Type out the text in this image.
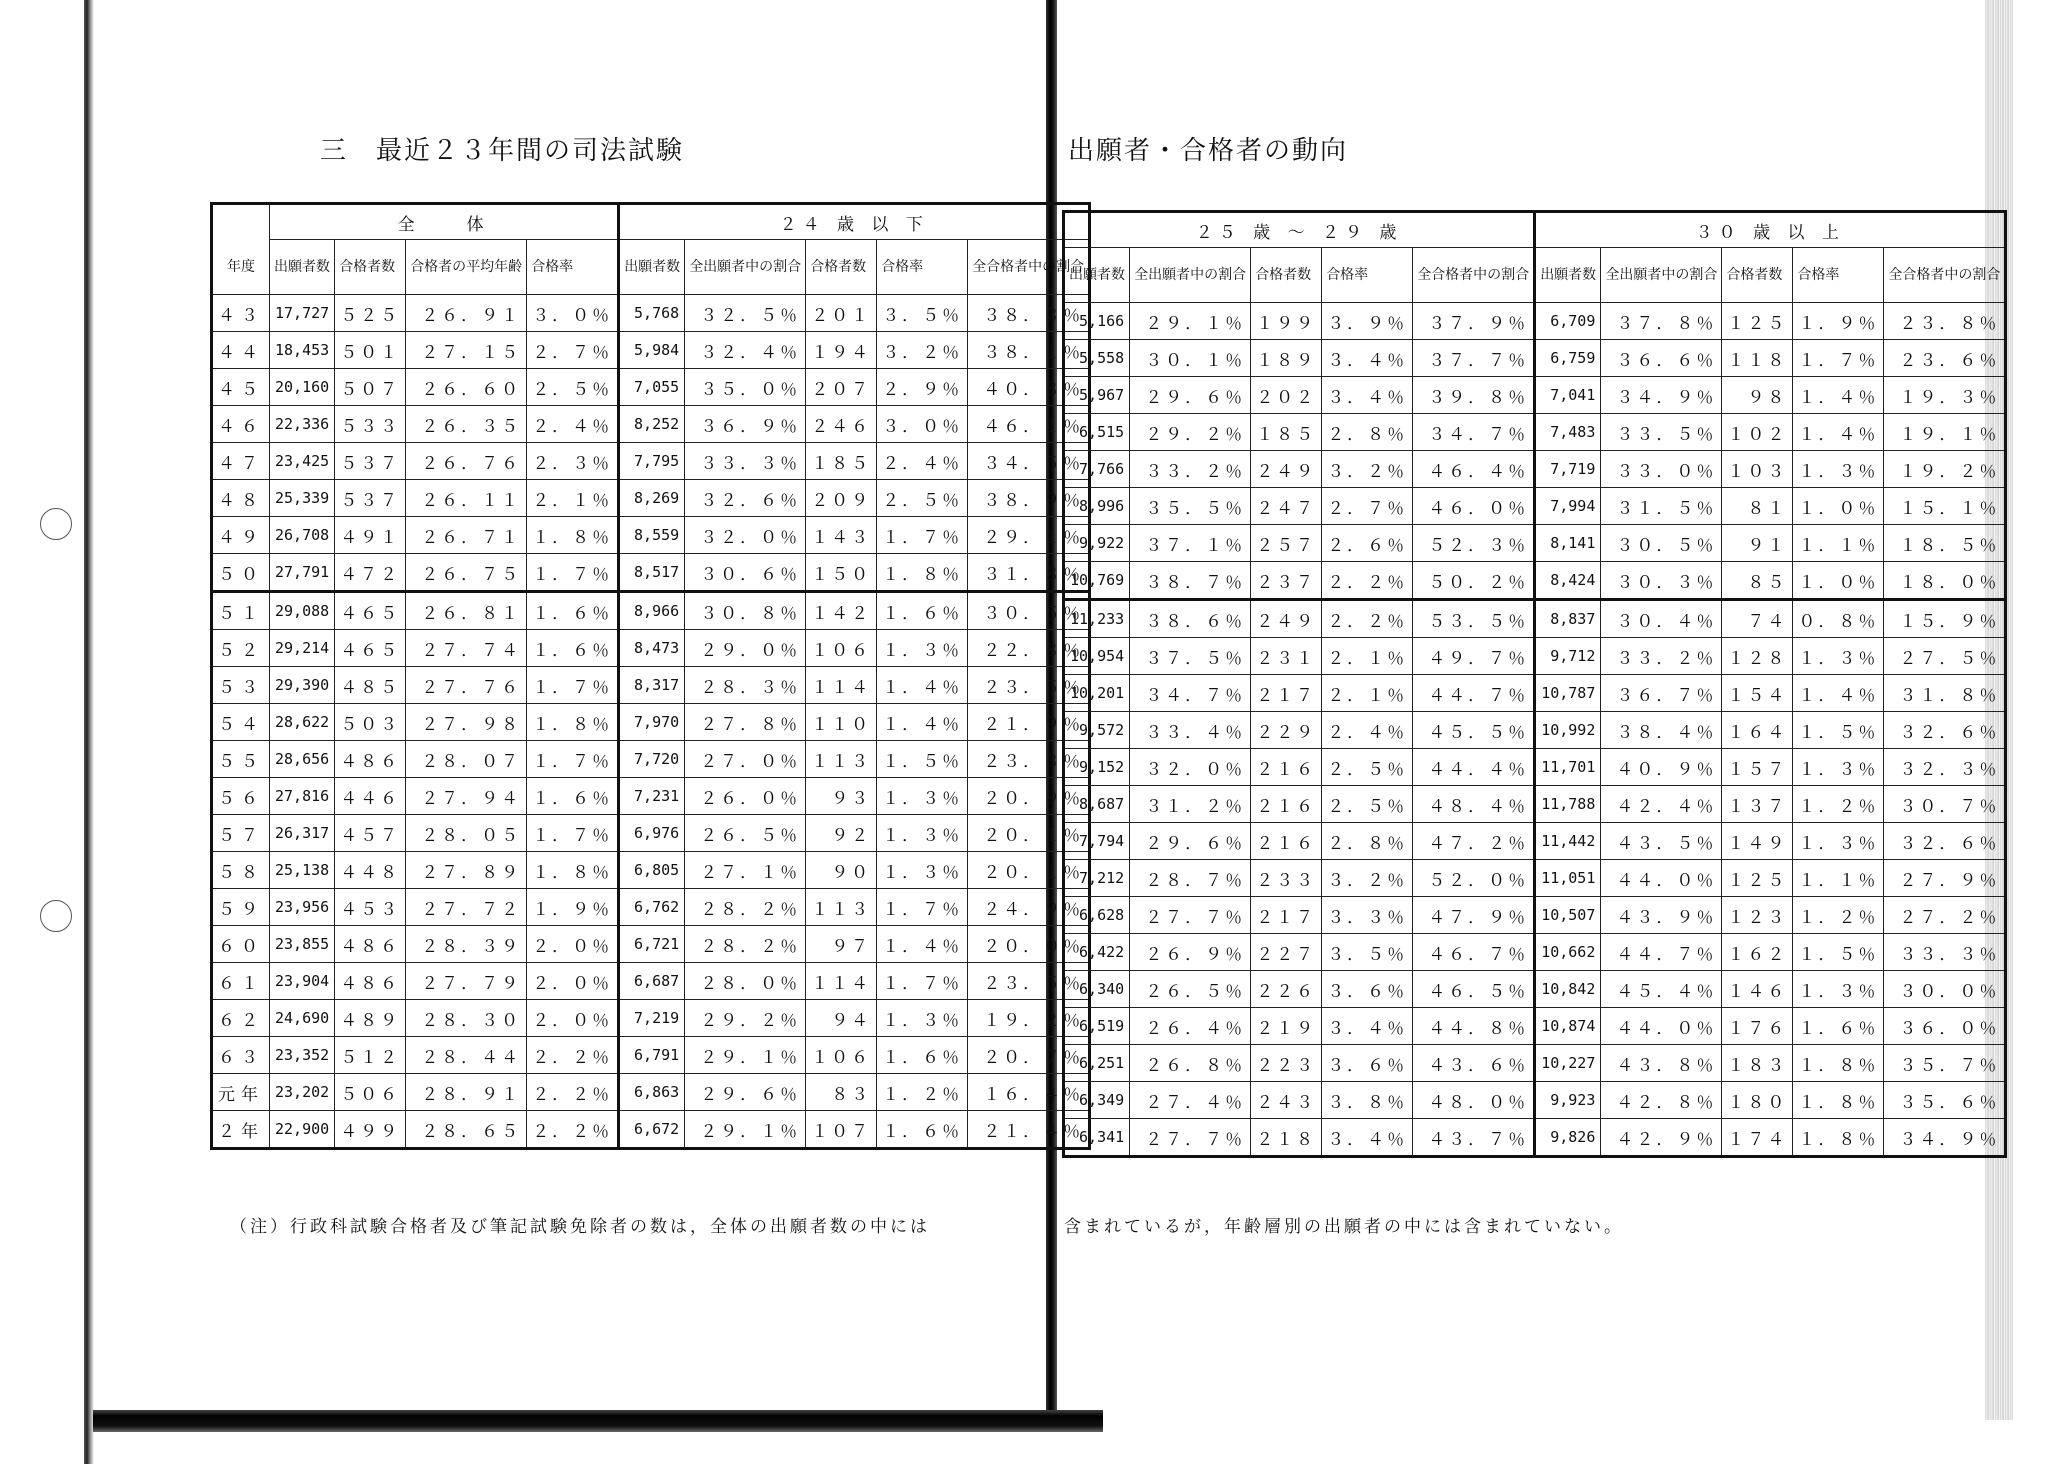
三　最近２３年間の司法試験	出願者・合格者の動向
	全　　体				２４ 歳 以 下				
年度	出願者数	合格者数	合格者の平均年齢	合格率	出願者数	全出願者中の割合	合格者数	合格率	全合格者中の割合
４３	17,727	５２５	２６．９１	３．０％	5,768	３２．５％	２０１	３．５％	３８．３％
４４	18,453	５０１	２７．１５	２．７％	5,984	３２．４％	１９４	３．２％	３８．１％
４５	20,160	５０７	２６．６０	２．５％	7,055	３５．０％	２０７	２．９％	４０．８％
４６	22,336	５３３	２６．３５	２．４％	8,252	３６．９％	２４６	３．０％	４６．１％
４７	23,425	５３７	２６．７６	２．３％	7,795	３３．３％	１８５	２．４％	３４．５％
４８	25,339	５３７	２６．１１	２．１％	8,269	３２．６％	２０９	２．５％	３８．９％
４９	26,708	４９１	２６．７１	１．８％	8,559	３２．０％	１４３	１．７％	２９．１％
５０	27,791	４７２	２６．７５	１．７％	8,517	３０．６％	１５０	１．８％	３１．８％
５１	29,088	４６５	２６．８１	１．６％	8,966	３０．８％	１４２	１．６％	３０．５％
５２	29,214	４６５	２７．７４	１．６％	8,473	２９．０％	１０６	１．３％	２２．８％
５３	29,390	４８５	２７．７６	１．７％	8,317	２８．３％	１１４	１．４％	２３．５％
５４	28,622	５０３	２７．９８	１．８％	7,970	２７．８％	１１０	１．４％	２１．９％
５５	28,656	４８６	２８．０７	１．７％	7,720	２７．０％	１１３	１．５％	２３．３％
５６	27,816	４４６	２７．９４	１．６％	7,231	２６．０％	９３	１．３％	２０．９％
５７	26,317	４５７	２８．０５	１．７％	6,976	２６．５％	９２	１．３％	２０．１％
５８	25,138	４４８	２７．８９	１．８％	6,805	２７．１％	９０	１．３％	２０．１％
５９	23,956	４５３	２７．７２	１．９％	6,762	２８．２％	１１３	１．７％	２４．９％
６０	23,855	４８６	２８．３９	２．０％	6,721	２８．２％	９７	１．４％	２０．０％
６１	23,904	４８６	２７．７９	２．０％	6,687	２８．０％	１１４	１．７％	２３．５％
６２	24,690	４８９	２８．３０	２．０％	7,219	２９．２％	９４	１．３％	１９．２％
６３	23,352	５１２	２８．４４	２．２％	6,791	２９．１％	１０６	１．６％	２０．７％
元年	23,202	５０６	２８．９１	２．２％	6,863	２９．６％	８３	１．２％	１６．４％
２年	22,900	４９９	２８．６５	２．２％	6,672	２９．１％	１０７	１．６％	２１．４％
２５ 歳 ～ ２９ 歳					３０ 歳 以 上				
出願者数	全出願者中の割合	合格者数	合格率	全合格者中の割合	出願者数	全出願者中の割合	合格者数	合格率	全合格者中の割合
5,166	２９．１％	１９９	３．９％	３７．９％	6,709	３７．８％	１２５	１．９％	２３．８％
5,558	３０．１％	１８９	３．４％	３７．７％	6,759	３６．６％	１１８	１．７％	２３．６％
5,967	２９．６％	２０２	３．４％	３９．８％	7,041	３４．９％	９８	１．４％	１９．３％
6,515	２９．２％	１８５	２．８％	３４．７％	7,483	３３．５％	１０２	１．４％	１９．１％
7,766	３３．２％	２４９	３．２％	４６．４％	7,719	３３．０％	１０３	１．３％	１９．２％
8,996	３５．５％	２４７	２．７％	４６．０％	7,994	３１．５％	８１	１．０％	１５．１％
9,922	３７．１％	２５７	２．６％	５２．３％	8,141	３０．５％	９１	１．１％	１８．５％
10,769	３８．７％	２３７	２．２％	５０．２％	8,424	３０．３％	８５	１．０％	１８．０％
11,233	３８．６％	２４９	２．２％	５３．５％	8,837	３０．４％	７４	０．８％	１５．９％
10,954	３７．５％	２３１	２．１％	４９．７％	9,712	３３．２％	１２８	１．３％	２７．５％
10,201	３４．７％	２１７	２．１％	４４．７％	10,787	３６．７％	１５４	１．４％	３１．８％
9,572	３３．４％	２２９	２．４％	４５．５％	10,992	３８．４％	１６４	１．５％	３２．６％
9,152	３２．０％	２１６	２．５％	４４．４％	11,701	４０．９％	１５７	１．３％	３２．３％
8,687	３１．２％	２１６	２．５％	４８．４％	11,788	４２．４％	１３７	１．２％	３０．７％
7,794	２９．６％	２１６	２．８％	４７．２％	11,442	４３．５％	１４９	１．３％	３２．６％
7,212	２８．７％	２３３	３．２％	５２．０％	11,051	４４．０％	１２５	１．１％	２７．９％
6,628	２７．７％	２１７	３．３％	４７．９％	10,507	４３．９％	１２３	１．２％	２７．２％
6,422	２６．９％	２２７	３．５％	４６．７％	10,662	４４．７％	１６２	１．５％	３３．３％
6,340	２６．５％	２２６	３．６％	４６．５％	10,842	４５．４％	１４６	１．３％	３０．０％
6,519	２６．４％	２１９	３．４％	４４．８％	10,874	４４．０％	１７６	１．６％	３６．０％
6,251	２６．８％	２２３	３．６％	４３．６％	10,227	４３．８％	１８３	１．８％	３５．７％
6,349	２７．４％	２４３	３．８％	４８．０％	9,923	４２．８％	１８０	１．８％	３５．６％
6,341	２７．７％	２１８	３．４％	４３．７％	9,826	４２．９％	１７４	１．８％	３４．９％
（注）行政科試験合格者及び筆記試験免除者の数は，全体の出願者数の中には	含まれているが，年齢層別の出願者の中には含まれていない。
